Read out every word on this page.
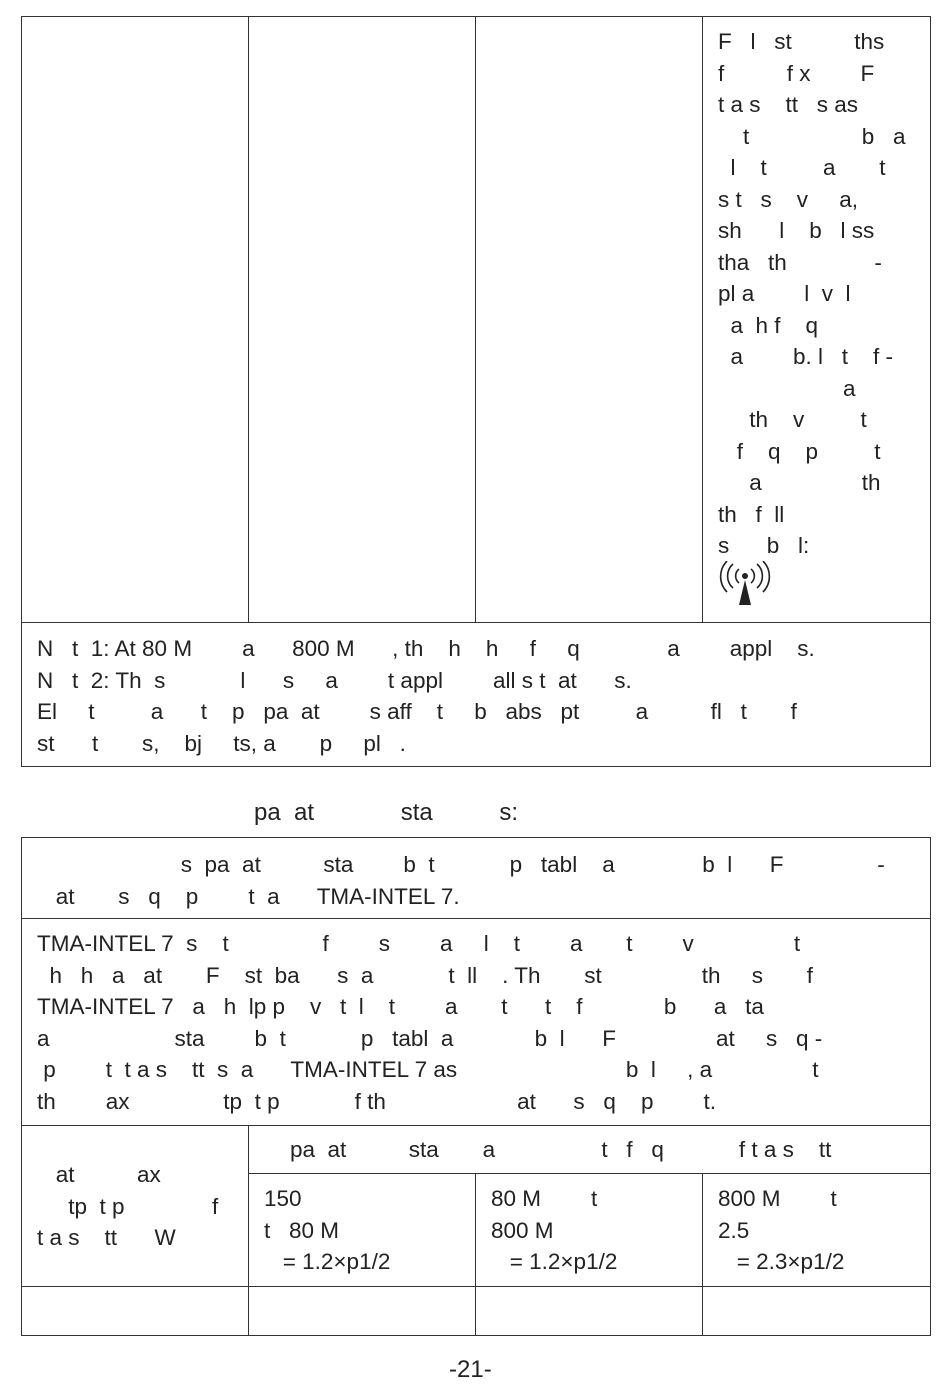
F   l   st          ths
f          f x        F
t a s    tt   s as
t                  b   a
l    t         a       t
s t   s    v     a,
sh      l    b   l ss
tha   th              -
pl a        l  v  l
a  h f    q
a        b. l   t    f -
a
th    v         t
f    q    p         t
a                th
th   f  ll
s      b   l:
N   t  1: At 80 M        a      800 M      , th    h    h     f     q              a        appl    s.
N   t  2: Th  s            l      s     a        t appl        all s t  at      s.
El     t         a      t    p   pa  at        s aff    t     b   abs   pt         a          fl   t       f
st      t       s,    bj     ts, a       p     pl   .
pa  at             sta          s:
s  pa  at          sta        b  t            p   tabl    a              b  l      F               -
at       s   q    p        t  a      TMA-INTEL 7.
TMA-INTEL 7  s    t               f        s        a     l    t        a       t        v                t
h   h   a   at       F    st  ba      s  a            t  ll    . Th       st                th     s       f
TMA-INTEL 7   a   h  lp p    v   t  l    t        a       t      t    f             b      a   ta
a                    sta        b  t            p   tabl  a             b  l      F                at     s   q -
p        t  t a s    tt  s  a      TMA-INTEL 7 as                           b  l     , a                t
th        ax               tp  t p            f th                     at      s   q    p        t.
at          ax
tp  t p              f
t a s    tt      W
pa  at          sta       a                 t   f   q            f t a s    tt
150
t   80 M
= 1.2×p1/2
80 M        t
800 M
= 1.2×p1/2
800 M        t
2.5
= 2.3×p1/2
-21-
